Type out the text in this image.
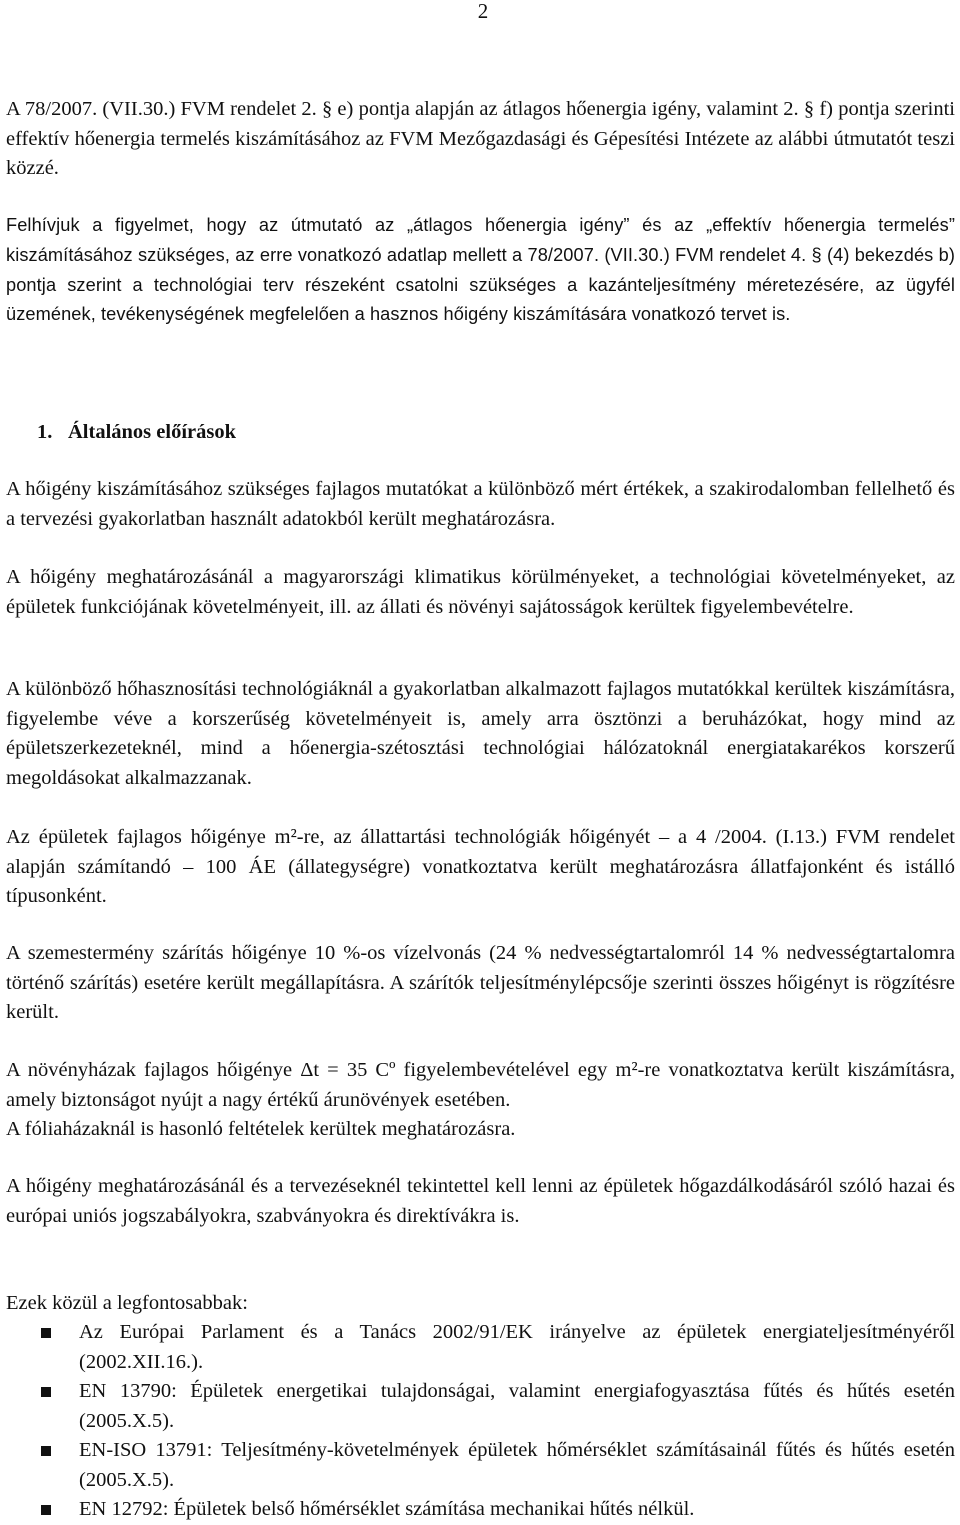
2

A 78/2007. (VII.30.) FVM rendelet 2. § e) pontja alapján az átlagos hőenergia igény, valamint 2. § f) pontja szerinti effektív hőenergia termelés kiszámításához az FVM Mezőgazdasági és Gépesítési Intézete az alábbi útmutatót teszi közzé.

Felhívjuk a figyelmet, hogy az útmutató az „átlagos hőenergia igény” és az „effektív hőenergia termelés” kiszámításához szükséges, az erre vonatkozó adatlap mellett a 78/2007. (VII.30.) FVM rendelet 4. § (4) bekezdés b) pontja szerint a technológiai terv részeként csatolni szükséges a kazánteljesítmény méretezésére, az ügyfél üzemének, tevékenységének megfelelően a hasznos hőigény kiszámítására vonatkozó tervet is.

1. Általános előírások

A hőigény kiszámításához szükséges fajlagos mutatókat a különböző mért értékek, a szakirodalomban fellelhető és a tervezési gyakorlatban használt adatokból került meghatározásra.

A hőigény meghatározásánál a magyarországi klimatikus körülményeket, a technológiai követelményeket, az épületek funkciójának követelményeit, ill. az állati és növényi sajátosságok kerültek figyelembevételre.

A különböző hőhasznosítási technológiáknál a gyakorlatban alkalmazott fajlagos mutatókkal kerültek kiszámításra, figyelembe véve a korszerűség követelményeit is, amely arra ösztönzi a beruházókat, hogy mind az épületszerkezeteknél, mind a hőenergia-szétosztási technológiai hálózatoknál energiatakarékos korszerű megoldásokat alkalmazzanak.

Az épületek fajlagos hőigénye m²-re, az állattartási technológiák hőigényét – a 4 /2004. (I.13.) FVM rendelet alapján számítandó – 100 ÁE (állategységre) vonatkoztatva került meghatározásra állatfajonként és istálló típusonként.

A szemestermény szárítás hőigénye 10 %-os vízelvonás (24 % nedvességtartalomról 14 % nedvességtartalomra történő szárítás) esetére került megállapításra. A szárítók teljesítménylépcsője szerinti összes hőigényt is rögzítésre került.

A növényházak fajlagos hőigénye Δt = 35 Cº figyelembevételével egy m²-re vonatkoztatva került kiszámításra, amely biztonságot nyújt a nagy értékű árunövények esetében.

A fóliaházaknál is hasonló feltételek kerültek meghatározásra.

A hőigény meghatározásánál és a tervezéseknél tekintettel kell lenni az épületek hőgazdálkodásáról szóló hazai és európai uniós jogszabályokra, szabványokra és direktívákra is.

Ezek közül a legfontosabbak:

Az Európai Parlament és a Tanács 2002/91/EK irányelve az épületek energiateljesítményéről (2002.XII.16.).
EN 13790: Épületek energetikai tulajdonságai, valamint energiafogyasztása fűtés és hűtés esetén (2005.X.5).
EN-ISO 13791: Teljesítmény-követelmények épületek hőmérséklet számításainál fűtés és hűtés esetén (2005.X.5).
EN 12792: Épületek belső hőmérséklet számítása mechanikai hűtés nélkül.
